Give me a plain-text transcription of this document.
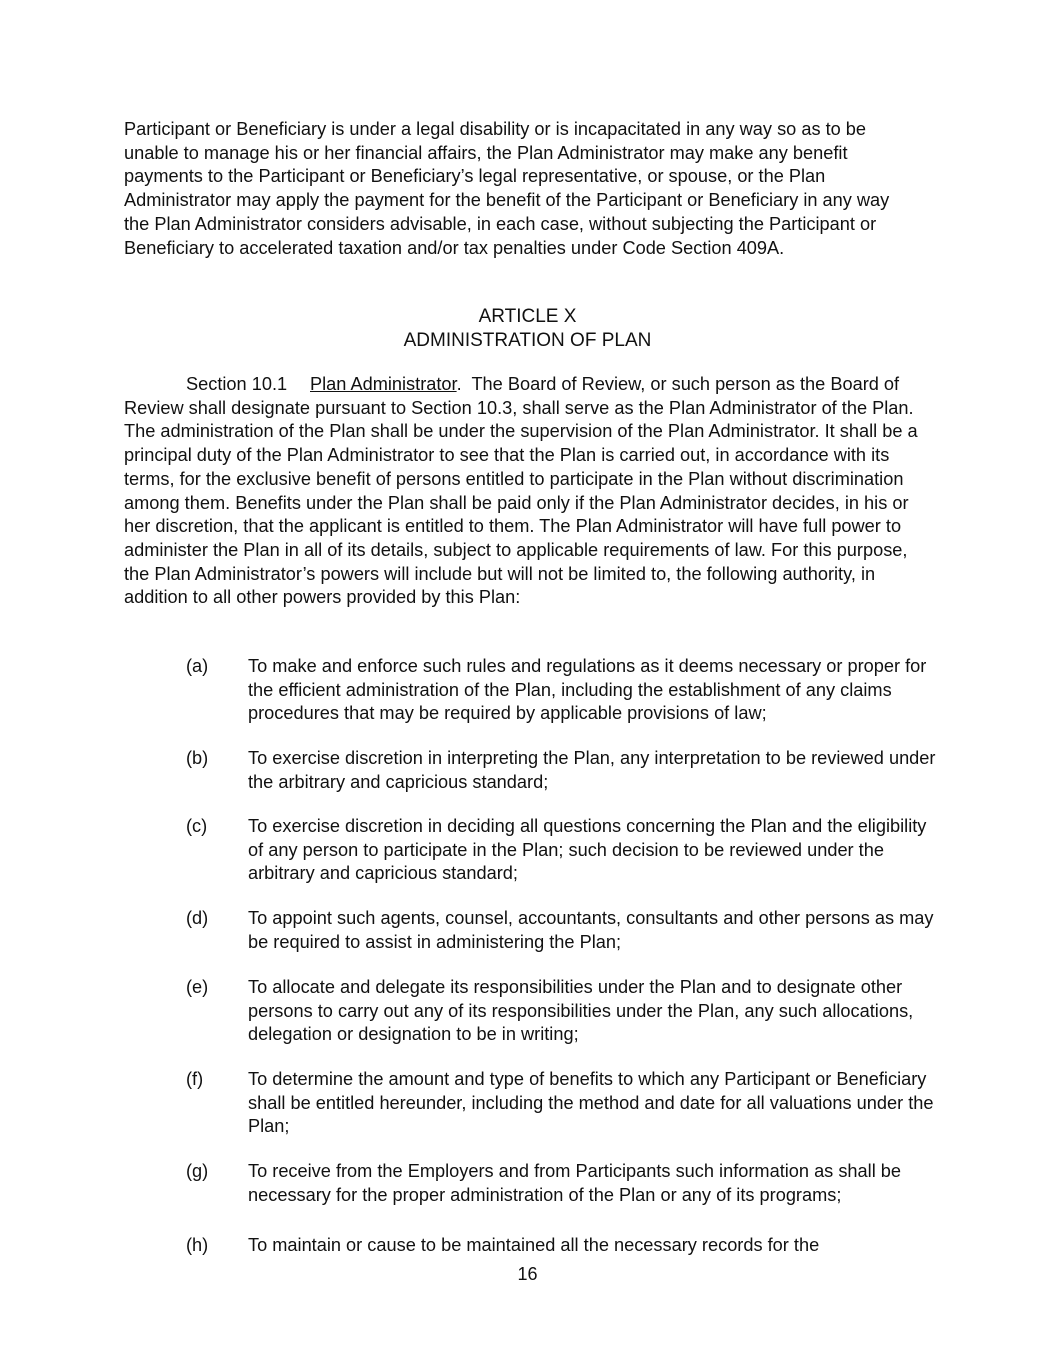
Participant or Beneficiary is under a legal disability or is incapacitated in any way so as to be unable to manage his or her financial affairs, the Plan Administrator may make any benefit payments to the Participant or Beneficiary’s legal representative, or spouse, or the Plan Administrator may apply the payment for the benefit of the Participant or Beneficiary in any way the Plan Administrator considers advisable, in each case, without subjecting the Participant or Beneficiary to accelerated taxation and/or tax penalties under Code Section 409A.

ARTICLE X
ADMINISTRATION OF PLAN

Section 10.1 Plan Administrator. The Board of Review, or such person as the Board of Review shall designate pursuant to Section 10.3, shall serve as the Plan Administrator of the Plan. The administration of the Plan shall be under the supervision of the Plan Administrator. It shall be a principal duty of the Plan Administrator to see that the Plan is carried out, in accordance with its terms, for the exclusive benefit of persons entitled to participate in the Plan without discrimination among them. Benefits under the Plan shall be paid only if the Plan Administrator decides, in his or her discretion, that the applicant is entitled to them. The Plan Administrator will have full power to administer the Plan in all of its details, subject to applicable requirements of law. For this purpose, the Plan Administrator’s powers will include but will not be limited to, the following authority, in addition to all other powers provided by this Plan:

(a)	To make and enforce such rules and regulations as it deems necessary or proper for the efficient administration of the Plan, including the establishment of any claims procedures that may be required by applicable provisions of law;
(b)	To exercise discretion in interpreting the Plan, any interpretation to be reviewed under the arbitrary and capricious standard;
(c)	To exercise discretion in deciding all questions concerning the Plan and the eligibility of any person to participate in the Plan; such decision to be reviewed under the arbitrary and capricious standard;
(d)	To appoint such agents, counsel, accountants, consultants and other persons as may be required to assist in administering the Plan;
(e)	To allocate and delegate its responsibilities under the Plan and to designate other persons to carry out any of its responsibilities under the Plan, any such allocations, delegation or designation to be in writing;
(f)	To determine the amount and type of benefits to which any Participant or Beneficiary shall be entitled hereunder, including the method and date for all valuations under the Plan;
(g)	To receive from the Employers and from Participants such information as shall be necessary for the proper administration of the Plan or any of its programs;
(h)	To maintain or cause to be maintained all the necessary records for the
16
